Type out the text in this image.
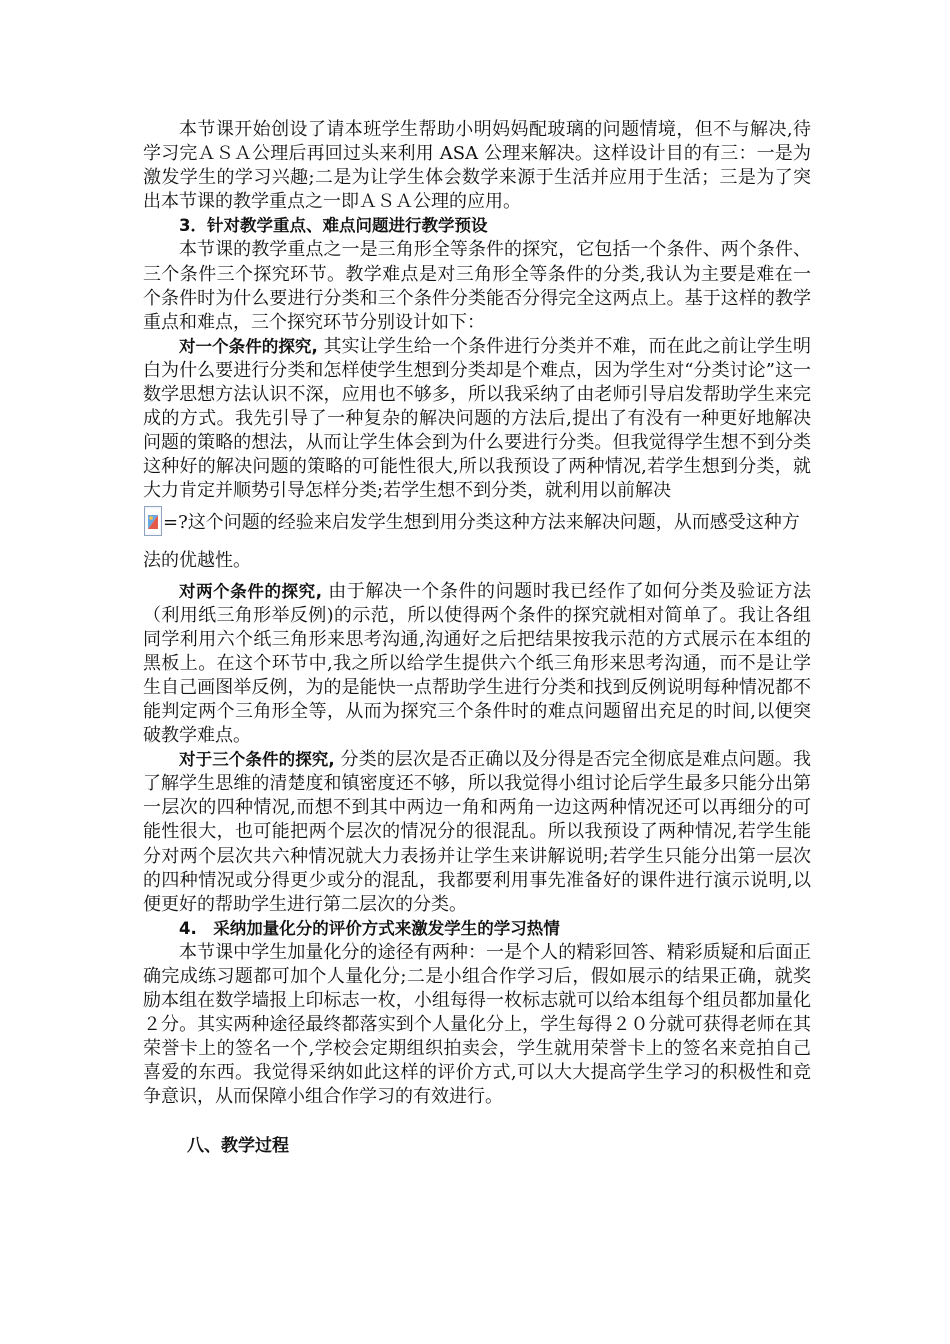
本节课开始创设了请本班学生帮助小明妈妈配玻璃的问题情境，但不与解决,待学习完ＡＳＡ公理后再回过头来利用 ASA 公理来解决。这样设计目的有三：一是为激发学生的学习兴趣;二是为让学生体会数学来源于生活并应用于生活；三是为了突出本节课的教学重点之一即ＡＳＡ公理的应用。

3．针对教学重点、难点问题进行教学预设

本节课的教学重点之一是三角形全等条件的探究，它包括一个条件、两个条件、三个条件三个探究环节。教学难点是对三角形全等条件的分类,我认为主要是难在一个条件时为什么要进行分类和三个条件分类能否分得完全这两点上。基于这样的教学重点和难点，三个探究环节分别设计如下：

对一个条件的探究, 其实让学生给一个条件进行分类并不难，而在此之前让学生明白为什么要进行分类和怎样使学生想到分类却是个难点，因为学生对“分类讨论”这一数学思想方法认识不深，应用也不够多，所以我采纳了由老师引导启发帮助学生来完成的方式。我先引导了一种复杂的解决问题的方法后,提出了有没有一种更好地解决问题的策略的想法，从而让学生体会到为什么要进行分类。但我觉得学生想不到分类这种好的解决问题的策略的可能性很大,所以我预设了两种情况,若学生想到分类，就大力肯定并顺势引导怎样分类;若学生想不到分类，就利用以前解决

=?这个问题的经验来启发学生想到用分类这种方法来解决问题，从而感受这种方法的优越性。

对两个条件的探究, 由于解决一个条件的问题时我已经作了如何分类及验证方法（利用纸三角形举反例)的示范，所以使得两个条件的探究就相对简单了。我让各组同学利用六个纸三角形来思考沟通,沟通好之后把结果按我示范的方式展示在本组的黑板上。在这个环节中,我之所以给学生提供六个纸三角形来思考沟通，而不是让学生自己画图举反例，为的是能快一点帮助学生进行分类和找到反例说明每种情况都不能判定两个三角形全等，从而为探究三个条件时的难点问题留出充足的时间,以便突破教学难点。

对于三个条件的探究, 分类的层次是否正确以及分得是否完全彻底是难点问题。我了解学生思维的清楚度和镇密度还不够，所以我觉得小组讨论后学生最多只能分出第一层次的四种情况,而想不到其中两边一角和两角一边这两种情况还可以再细分的可能性很大，也可能把两个层次的情况分的很混乱。所以我预设了两种情况,若学生能分对两个层次共六种情况就大力表扬并让学生来讲解说明;若学生只能分出第一层次的四种情况或分得更少或分的混乱，我都要利用事先准备好的课件进行演示说明,以便更好的帮助学生进行第二层次的分类。

4.　采纳加量化分的评价方式来激发学生的学习热情

本节课中学生加量化分的途径有两种：一是个人的精彩回答、精彩质疑和后面正确完成练习题都可加个人量化分;二是小组合作学习后，假如展示的结果正确，就奖励本组在数学墙报上印标志一枚，小组每得一枚标志就可以给本组每个组员都加量化２分。其实两种途径最终都落实到个人量化分上，学生每得２０分就可获得老师在其荣誉卡上的签名一个,学校会定期组织拍卖会，学生就用荣誉卡上的签名来竞拍自己喜爱的东西。我觉得采纳如此这样的评价方式,可以大大提高学生学习的积极性和竞争意识，从而保障小组合作学习的有效进行。

八、教学过程
